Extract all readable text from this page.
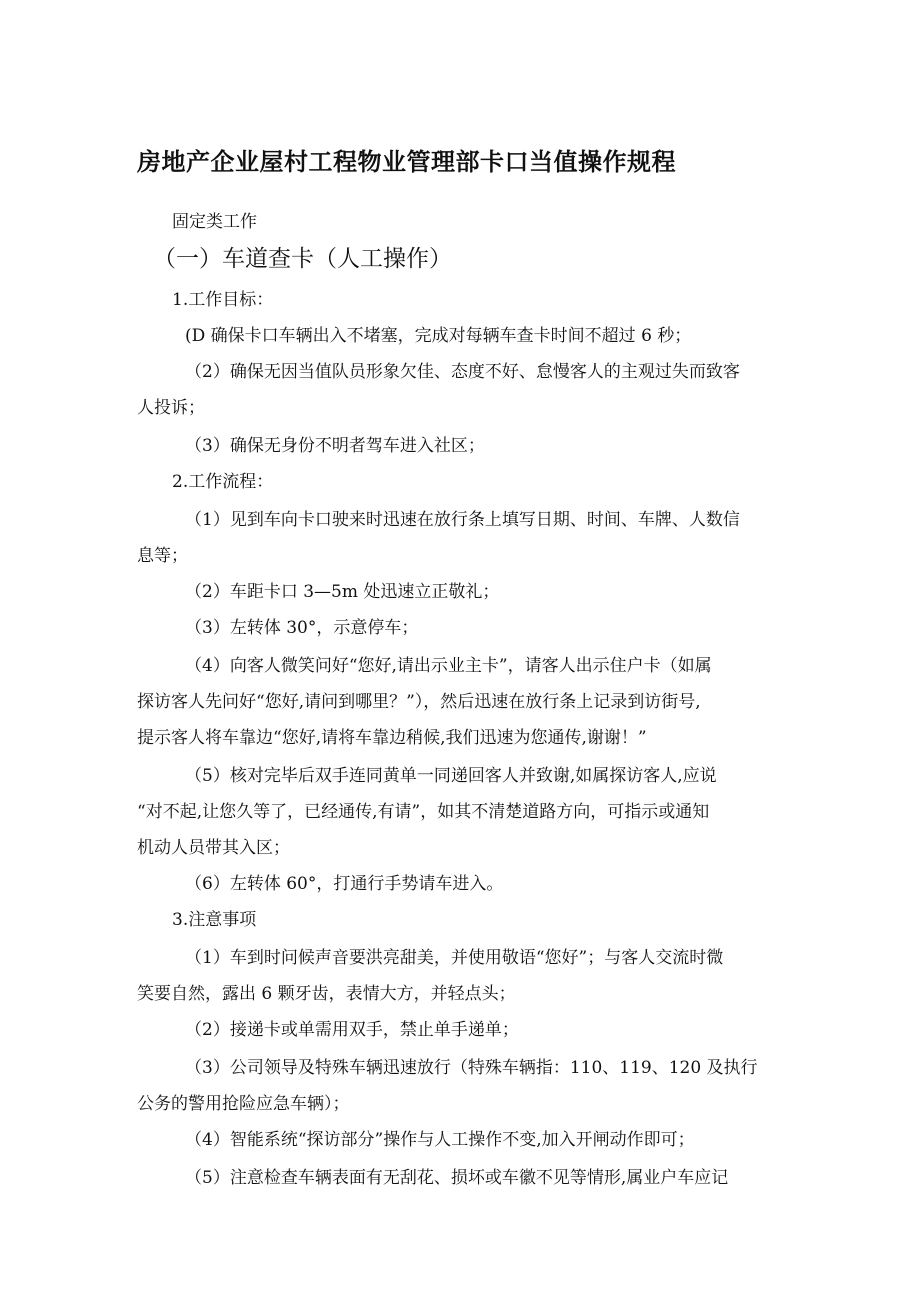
房地产企业屋村工程物业管理部卡口当值操作规程
固定类工作
（一）车道查卡（人工操作）
1.工作目标：
(D 确保卡口车辆出入不堵塞，完成对每辆车查卡时间不超过 6 秒；
（2）确保无因当值队员形象欠佳、态度不好、怠慢客人的主观过失而致客
人投诉；
（3）确保无身份不明者驾车进入社区；
2.工作流程：
（1）见到车向卡口驶来时迅速在放行条上填写日期、时间、车牌、人数信
息等；
（2）车距卡口 3—5m 处迅速立正敬礼；
（3）左转体 30°，示意停车；
（4）向客人微笑问好“您好,请出示业主卡”，请客人出示住户卡（如属
探访客人先问好“您好,请问到哪里？”），然后迅速在放行条上记录到访街号,
提示客人将车靠边“您好,请将车靠边稍候,我们迅速为您通传,谢谢！”
（5）核对完毕后双手连同黄单一同递回客人并致谢,如属探访客人,应说
“对不起,让您久等了，已经通传,有请”，如其不清楚道路方向，可指示或通知
机动人员带其入区；
（6）左转体 60°，打通行手势请车进入。
3.注意事项
（1）车到时问候声音要洪亮甜美，并使用敬语“您好”；与客人交流时微
笑要自然，露出 6 颗牙齿，表情大方，并轻点头；
（2）接递卡或单需用双手，禁止单手递单；
（3）公司领导及特殊车辆迅速放行（特殊车辆指：110、119、120 及执行
公务的警用抢险应急车辆）；
（4）智能系统“探访部分”操作与人工操作不变,加入开闸动作即可；
（5）注意检查车辆表面有无刮花、损坏或车徽不见等情形,属业户车应记
